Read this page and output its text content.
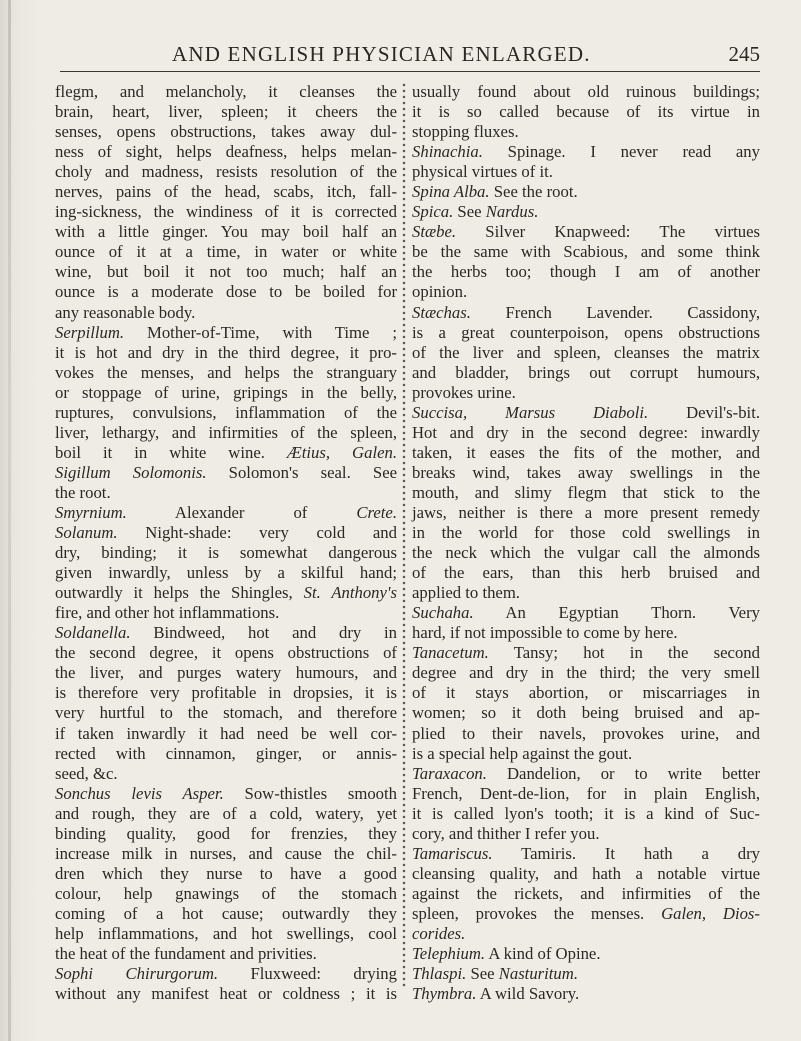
AND ENGLISH PHYSICIAN ENLARGED.	245
flegm, and melancholy, it cleanses the
brain, heart, liver, spleen; it cheers the
senses, opens obstructions, takes away dul-
ness of sight, helps deafness, helps melan-
choly and madness, resists resolution of the
nerves, pains of the head, scabs, itch, fall-
ing-sickness, the windiness of it is corrected
with a little ginger. You may boil half an
ounce of it at a time, in water or white
wine, but boil it not too much; half an
ounce is a moderate dose to be boiled for
any reasonable body.
Serpillum. Mother-of-Time, with Time ;
it is hot and dry in the third degree, it pro-
vokes the menses, and helps the stranguary
or stoppage of urine, gripings in the belly,
ruptures, convulsions, inflammation of the
liver, lethargy, and infirmities of the spleen,
boil it in white wine. Ætius, Galen.
Sigillum Solomonis. Solomon's seal. See
the root.
Smyrnium. Alexander of Crete.
Solanum. Night-shade: very cold and
dry, binding; it is somewhat dangerous
given inwardly, unless by a skilful hand;
outwardly it helps the Shingles, St. Anthony's
fire, and other hot inflammations.
Soldanella. Bindweed, hot and dry in
the second degree, it opens obstructions of
the liver, and purges watery humours, and
is therefore very profitable in dropsies, it is
very hurtful to the stomach, and therefore
if taken inwardly it had need be well cor-
rected with cinnamon, ginger, or annis-
seed, &c.
Sonchus levis Asper. Sow-thistles smooth
and rough, they are of a cold, watery, yet
binding quality, good for frenzies, they
increase milk in nurses, and cause the chil-
dren which they nurse to have a good
colour, help gnawings of the stomach
coming of a hot cause; outwardly they
help inflammations, and hot swellings, cool
the heat of the fundament and privities.
Sophi Chirurgorum. Fluxweed: drying
without any manifest heat or coldness ; it is
usually found about old ruinous buildings;
it is so called because of its virtue in
stopping fluxes.
Shinachia. Spinage. I never read any
physical virtues of it.
Spina Alba. See the root.
Spica. See Nardus.
Stæbe. Silver Knapweed: The virtues
be the same with Scabious, and some think
the herbs too; though I am of another
opinion.
Stæchas. French Lavender. Cassidony,
is a great counterpoison, opens obstructions
of the liver and spleen, cleanses the matrix
and bladder, brings out corrupt humours,
provokes urine.
Succisa, Marsus Diaboli. Devil's-bit.
Hot and dry in the second degree: inwardly
taken, it eases the fits of the mother, and
breaks wind, takes away swellings in the
mouth, and slimy flegm that stick to the
jaws, neither is there a more present remedy
in the world for those cold swellings in
the neck which the vulgar call the almonds
of the ears, than this herb bruised and
applied to them.
Suchaha. An Egyptian Thorn. Very
hard, if not impossible to come by here.
Tanacetum. Tansy; hot in the second
degree and dry in the third; the very smell
of it stays abortion, or miscarriages in
women; so it doth being bruised and ap-
plied to their navels, provokes urine, and
is a special help against the gout.
Taraxacon. Dandelion, or to write better
French, Dent-de-lion, for in plain English,
it is called lyon's tooth; it is a kind of Suc-
cory, and thither I refer you.
Tamariscus. Tamiris. It hath a dry
cleansing quality, and hath a notable virtue
against the rickets, and infirmities of the
spleen, provokes the menses. Galen, Dios-
corides.
Telephium. A kind of Opine.
Thlaspi. See Nasturitum.
Thymbra. A wild Savory.
